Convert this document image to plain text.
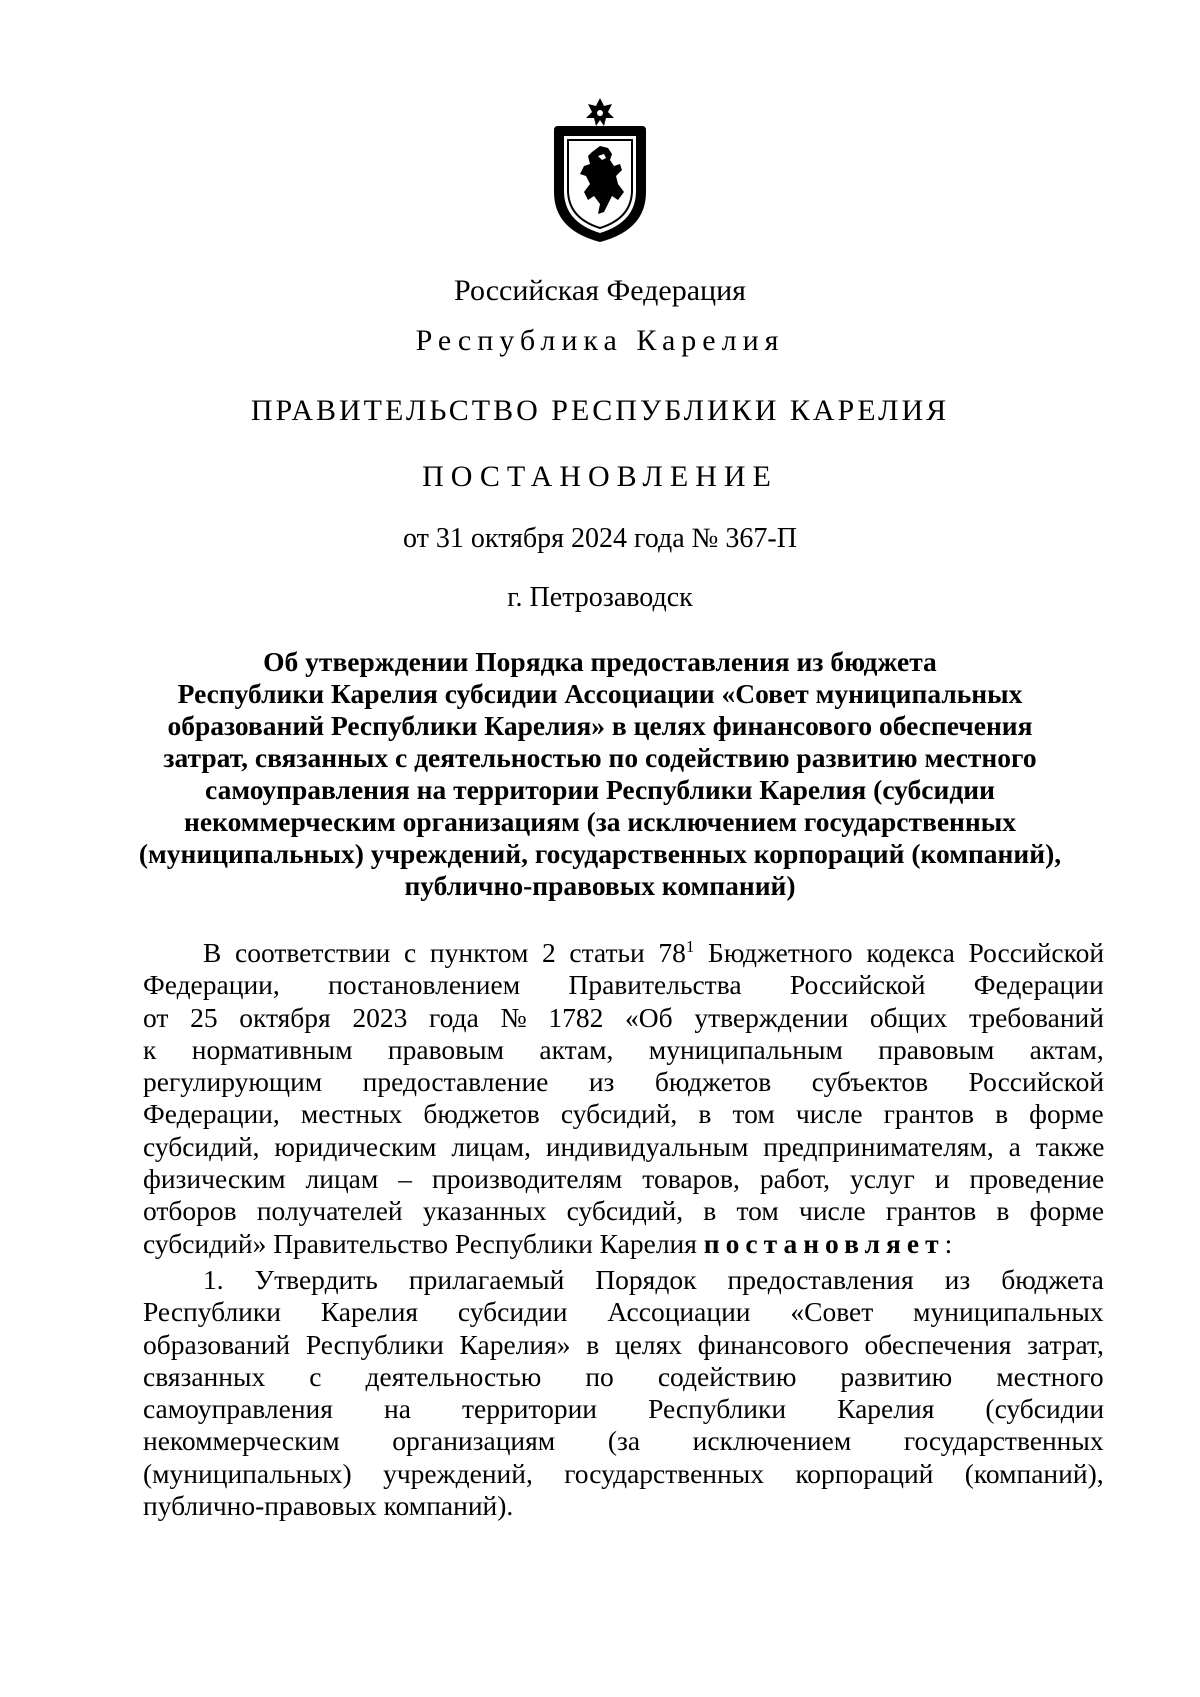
Российская Федерация
Республика Карелия
ПРАВИТЕЛЬСТВО РЕСПУБЛИКИ КАРЕЛИЯ
ПОСТАНОВЛЕНИЕ
от 31 октября 2024 года № 367-П
г. Петрозаводск
Об утверждении Порядка предоставления из бюджета
Республики Карелия субсидии Ассоциации «Совет муниципальных
образований Республики Карелия» в целях финансового обеспечения
затрат, связанных с деятельностью по содействию развитию местного
самоуправления на территории Республики Карелия (субсидии
некоммерческим организациям (за исключением государственных
(муниципальных) учреждений, государственных корпораций (компаний),
публично-правовых компаний)
В соответствии с пунктом 2 статьи $78^1$ Бюджетного кодекса Российской
Федерации, постановлением Правительства Российской Федерации
от 25 октября 2023 года № 1782 «Об утверждении общих требований
к нормативным правовым актам, муниципальным правовым актам,
регулирующим предоставление из бюджетов субъектов Российской
Федерации, местных бюджетов субсидий, в том числе грантов в форме
субсидий, юридическим лицам, индивидуальным предпринимателям, а также
физическим лицам – производителям товаров, работ, услуг и проведение
отборов получателей указанных субсидий, в том числе грантов в форме
субсидий» Правительство Республики Карелия постановляет:
1. Утвердить прилагаемый Порядок предоставления из бюджета
Республики Карелия субсидии Ассоциации «Совет муниципальных
образований Республики Карелия» в целях финансового обеспечения затрат,
связанных с деятельностью по содействию развитию местного
самоуправления на территории Республики Карелия (субсидии
некоммерческим организациям (за исключением государственных
(муниципальных) учреждений, государственных корпораций (компаний),
публично-правовых компаний).
